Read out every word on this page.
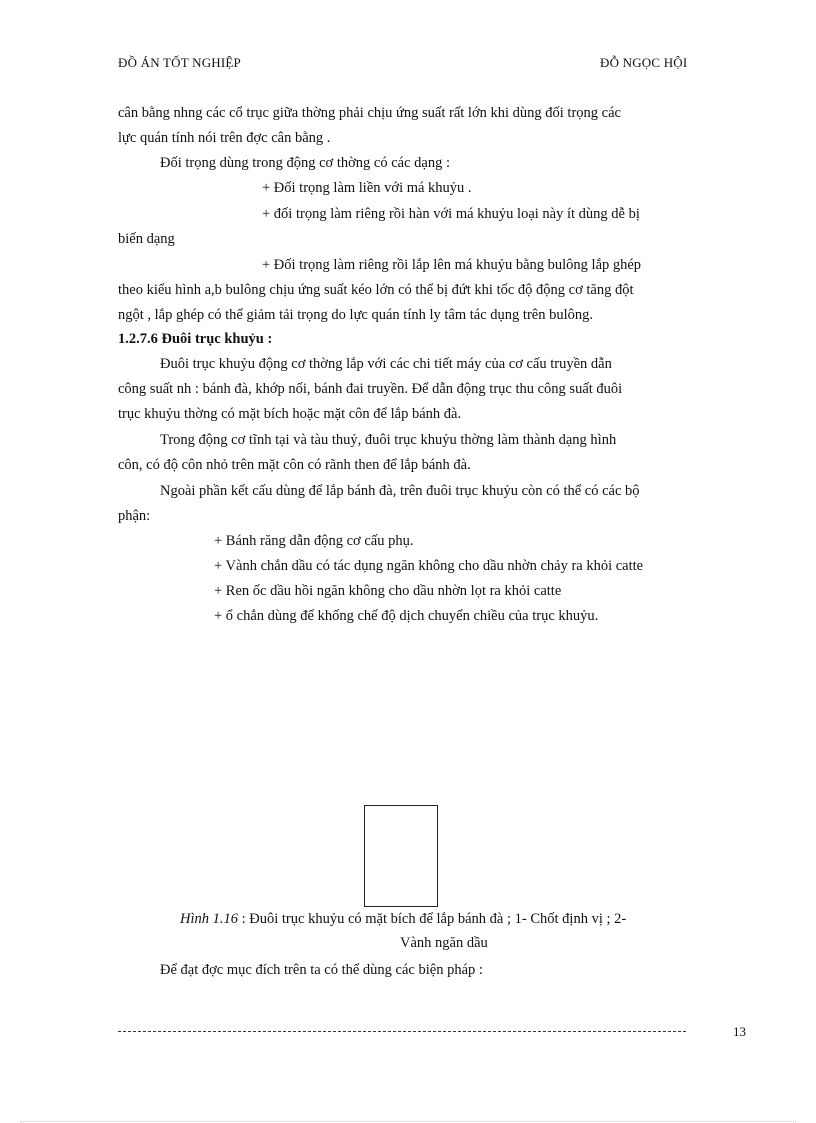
ĐỒ ÁN TỐT NGHIỆP	ĐỖ NGỌC HỘI
cân bằng nhng các cổ trục giữa thờng phải chịu ứng suất rất lớn khi dùng đối trọng các
lực quán tính nói trên đợc cân bằng .
Đối trọng dùng trong động cơ thờng có các dạng :
+ Đối trọng làm liền với má khuỷu .
+ đối trọng làm riêng rồi hàn với má khuỷu loại này ít dùng dễ bị
biến dạng
+ Đối trọng làm riêng rồi lắp lên má khuỷu bằng bulông lắp ghép
theo kiểu hình a,b bulông chịu ứng suất kéo lớn có thể bị đứt khi tốc độ động cơ tăng đột
ngột , lắp ghép có thể giảm tải trọng do lực quán tính ly tâm tác dụng trên bulông.
1.2.7.6 Đuôi trục khuỷu :
Đuôi trục khuỷu động cơ thờng lắp với các chi tiết máy của cơ cấu truyền dẫn
công suất nh : bánh đà, khớp nối, bánh đai truyền. Để dẫn động trục thu công suất đuôi
trục khuỷu thờng có mặt bích hoặc mặt côn để lắp bánh đà.
Trong động cơ tĩnh tại và tàu thuỷ, đuôi trục khuỷu thờng làm thành dạng hình
côn, có độ côn nhỏ trên mặt côn có rãnh then để lắp bánh đà.
Ngoài phần kết cấu dùng để lắp bánh đà, trên đuôi trục khuỷu còn có thể có các bộ
phận:
+ Bánh răng dẫn động cơ cấu phụ.
+ Vành chắn dầu có tác dụng ngăn không cho dầu nhờn chảy ra khỏi catte
+ Ren ốc dầu hồi ngăn không cho dầu nhờn lọt ra khỏi catte
+ ổ chắn dùng để khống chế độ dịch chuyển chiều của trục khuỷu.
Hình 1.16 : Đuôi trục khuỷu có mặt bích để lắp bánh đà ; 1- Chốt định vị ; 2-
Vành ngăn dầu
Để đạt đợc mục đích trên ta có thể dùng các biện pháp :
13
